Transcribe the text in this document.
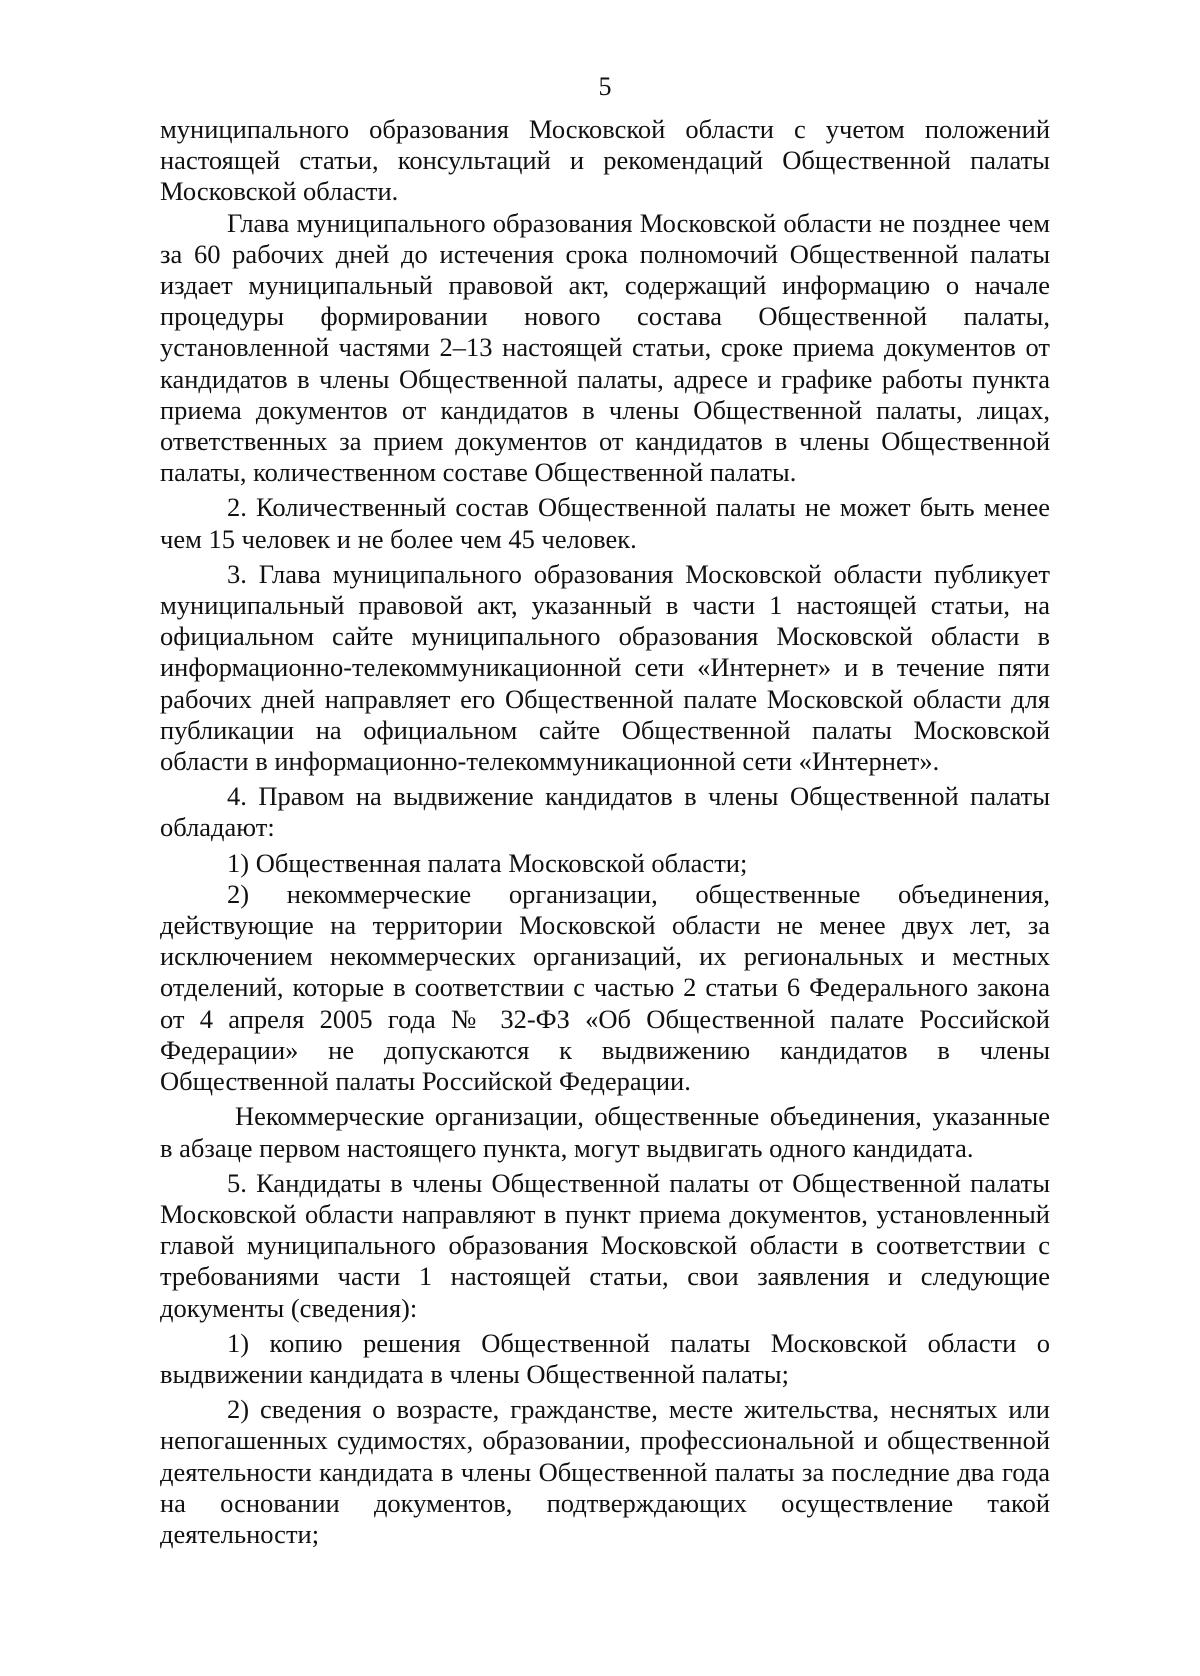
5

муниципального образования Московской области с учетом положений настоящей статьи, консультаций и рекомендаций Общественной палаты Московской области.

Глава муниципального образования Московской области не позднее чем за 60 рабочих дней до истечения срока полномочий Общественной палаты издает муниципальный правовой акт, содержащий информацию о начале процедуры формировании нового состава Общественной палаты, установленной частями 2–13 настоящей статьи, сроке приема документов от кандидатов в члены Общественной палаты, адресе и графике работы пункта приема документов от кандидатов в члены Общественной палаты, лицах, ответственных за прием документов от кандидатов в члены Общественной палаты, количественном составе Общественной палаты.

2. Количественный состав Общественной палаты не может быть менее чем 15 человек и не более чем 45 человек.

3. Глава муниципального образования Московской области публикует муниципальный правовой акт, указанный в части 1 настоящей статьи, на официальном сайте муниципального образования Московской области в информационно-телекоммуникационной сети «Интернет» и в течение пяти рабочих дней направляет его Общественной палате Московской области для публикации на официальном сайте Общественной палаты Московской области в информационно-телекоммуникационной сети «Интернет».

4. Правом на выдвижение кандидатов в члены Общественной палаты обладают:

1) Общественная палата Московской области;

2) некоммерческие организации, общественные объединения, действующие на территории Московской области не менее двух лет, за исключением некоммерческих организаций, их региональных и местных отделений, которые в соответствии с частью 2 статьи 6 Федерального закона от 4 апреля 2005 года № 32-ФЗ «Об Общественной палате Российской Федерации» не допускаются к выдвижению кандидатов в члены Общественной палаты Российской Федерации.

Некоммерческие организации, общественные объединения, указанные в абзаце первом настоящего пункта, могут выдвигать одного кандидата.

5. Кандидаты в члены Общественной палаты от Общественной палаты Московской области направляют в пункт приема документов, установленный главой муниципального образования Московской области в соответствии с требованиями части 1 настоящей статьи, свои заявления и следующие документы (сведения):

1) копию решения Общественной палаты Московской области о выдвижении кандидата в члены Общественной палаты;

2) сведения о возрасте, гражданстве, месте жительства, неснятых или непогашенных судимостях, образовании, профессиональной и общественной деятельности кандидата в члены Общественной палаты за последние два года на основании документов, подтверждающих осуществление такой деятельности;
